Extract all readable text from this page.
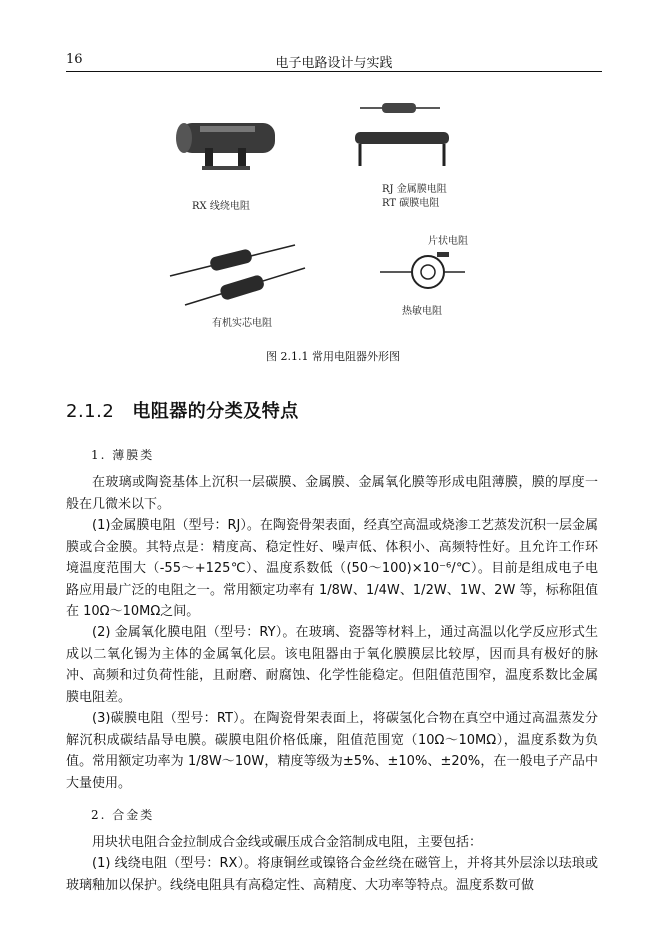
16	电子电路设计与实践
RX 线绕电阻
RJ 金属膜电阻
RT 碳膜电阻
片状电阻
有机实芯电阻
热敏电阻
图 2.1.1 常用电阻器外形图
2.1.2 电阻器的分类及特点
1. 薄膜类
在玻璃或陶瓷基体上沉积一层碳膜、金属膜、金属氧化膜等形成电阻薄膜，膜的厚度一般在几微米以下。
(1)金属膜电阻（型号：RJ）。在陶瓷骨架表面，经真空高温或烧渗工艺蒸发沉积一层金属膜或合金膜。其特点是：精度高、稳定性好、噪声低、体积小、高频特性好。且允许工作环境温度范围大（-55～+125℃）、温度系数低（(50～100)×10⁻⁶/℃）。目前是组成电子电路应用最广泛的电阻之一。常用额定功率有 1/8W、1/4W、1/2W、1W、2W 等，标称阻值在 10Ω～10MΩ之间。
(2) 金属氧化膜电阻（型号：RY）。在玻璃、瓷器等材料上，通过高温以化学反应形式生成以二氧化锡为主体的金属氧化层。该电阻器由于氧化膜膜层比较厚，因而具有极好的脉冲、高频和过负荷性能，且耐磨、耐腐蚀、化学性能稳定。但阻值范围窄，温度系数比金属膜电阻差。
(3)碳膜电阻（型号：RT）。在陶瓷骨架表面上，将碳氢化合物在真空中通过高温蒸发分解沉积成碳结晶导电膜。碳膜电阻价格低廉，阻值范围宽（10Ω～10MΩ），温度系数为负值。常用额定功率为 1/8W～10W，精度等级为±5%、±10%、±20%，在一般电子产品中大量使用。
2. 合金类
用块状电阻合金拉制成合金线或碾压成合金箔制成电阻，主要包括：
(1) 线绕电阻（型号：RX）。将康铜丝或镍铬合金丝绕在磁管上，并将其外层涂以珐琅或玻璃釉加以保护。线绕电阻具有高稳定性、高精度、大功率等特点。温度系数可做
